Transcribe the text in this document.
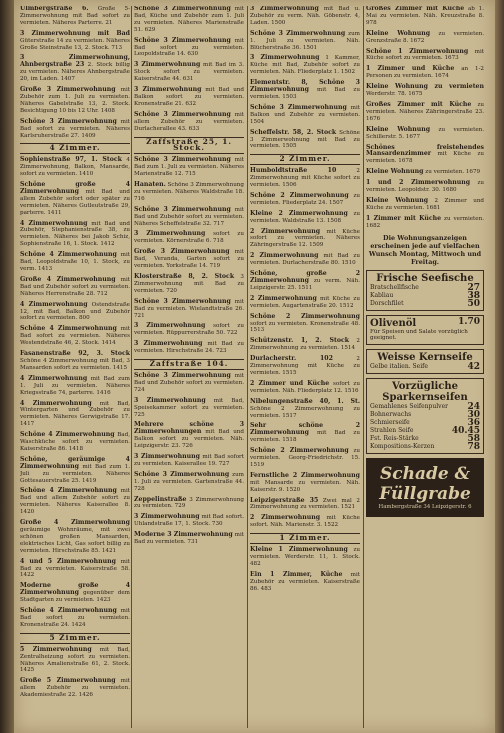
Ulmbergstraße 6. Große 5-Zimmerwohnung mit Bad sofort zu vermieten. Näheres Parterre. 21
3 Zimmerwohnung mit Bad Güterstraße 14 zu vermieten. Näheres Große Steinstraße 13, 2. Stock. 713
3 Zimmerwohnung, Ahnbergstraße 23 2. Stock billig zu vermieten. Näheres Ahnbergstraße 20, im Laden. 1407
Große 3 Zimmerwohnung mit Zubehör zum 1. Juli zu vermieten. Näheres Gabelstraße 13, 2. Stock. Besichtigung 10 bis 12 Uhr. 1408
Schöne 3 Zimmerwohnung mit Bad sofort zu vermieten. Näheres Karlsruherstraße 27. 1409
4 Zimmer.
Sophienstraße 97, 1. Stock 4 Zimmerwohnung, Balkon, Mansarde, sofort zu vermieten. 1410
Schöne große 4 Zimmerwohnung mit Bad und allem Zubehör sofort oder später zu vermieten. Näheres Gutleutstraße 29, parterre. 1411
4 Zimmerwohnung mit Bad und Zubehör, Stephanienstraße 38, zu vermieten. Näheres bei Jakob Schiz, Sophienstraße 16, 1. Stock. 1412
Schöne 4 Zimmerwohnung mit Bad, Leopoldstraße 10, 1. Stock, zu verm. 1413
Große 4 Zimmerwohnung mit Bad und Zubehör sofort zu vermieten. Näheres Herrenstraße 28. 712
4 Zimmerwohnung Ostendstraße 12, mit Bad, Balkon und Zubehör sofort zu vermieten. 800
Schöne 4 Zimmerwohnung mit Bad sofort zu vermieten. Näheres Westendstraße 46, 2. Stock. 1414
Fasanenstraße 92, 3. Stock Schöne 4 Zimmerwohnung mit Bad, 3 Mansarden sofort zu vermieten. 1415
4 Zimmerwohnung mit Bad zum 1. Juli zu vermieten. Näheres Kriegsstraße 74, parterre. 1416
4 Zimmerwohnung mit Bad, Wintergarten und Zubehör zu vermieten. Näheres Gerwigstraße 17. 1417
Schöne 4 Zimmerwohnung Bad, Waschküche sofort zu vermieten. Kaiserstraße 86. 1418
Schöne, geräumige 4 Zimmerwohnung mit Bad zum 1. Juli zu vermieten. Näheres Gottesauerstraße 25. 1419
Schöne 4 Zimmerwohnung mit Bad und allem Zubehör sofort zu vermieten. Näheres Kaiserallee 8. 1420
Große 4 Zimmerwohnung geräumige Wohnräume, mit zwei schönen großen Mansarden, elektrisches Licht, Gas sofort billig zu vermieten. Hirschstraße 85. 1421
4 und 5 Zimmerwohnung mit Bad zu vermieten. Kaiserstraße 58. 1422
Moderne große 4 Zimmerwohnung gegenüber dem Stadtgarten zu vermieten. 1423
Schöne 4 Zimmerwohnung mit Bad sofort zu vermieten. Kronenstraße 24. 1424
5 Zimmer.
5 Zimmerwohnung mit Bad, Zentralheizung sofort zu vermieten. Näheres Amalienstraße 61, 2. Stock. 1425
Große 5 Zimmerwohnung mit allem Zubehör zu vermieten. Akademiestraße 22. 1426
Schöne 3 Zimmerwohnung mit Bad, Küche und Zubehör zum 1. Juli zu vermieten. Näheres Marienstraße 51. 629
Schöne 3 Zimmerwohnung mit Bad sofort zu vermieten. Leopoldstraße 14. 630
3 Zimmerwohnung mit Bad im 3. Stock sofort zu vermieten. Kaiserstraße 44. 631
3 Zimmerwohnung mit Bad und Balkon sofort zu vermieten. Kronenstraße 21. 632
Schöne 3 Zimmerwohnung mit allem Zubehör zu vermieten. Durlacherallee 43. 633
Zaffstraße 25, 1. Stock.
Schöne 3 Zimmerwohnung mit Bad zum 1. Juli zu vermieten. Näheres Marienstraße 12. 715
Hanaten. Schöne 3 Zimmerwohnung zu vermieten. Näheres Waldstraße 18. 716
Schöne 3 Zimmerwohnung mit Bad und Zubehör sofort zu vermieten. Näheres Scheffelstraße 32. 717
3 Zimmerwohnung sofort zu vermieten. Körnerstraße 6. 718
Große 3 Zimmerwohnung mit Bad, Veranda, Garten sofort zu vermieten. Yorkstraße 14. 719
Klosterstraße 8, 2. Stock 3 Zimmerwohnung mit Bad zu vermieten. 720
Schöne 3 Zimmerwohnung mit Bad zu vermieten. Wielandtstraße 26. 721
3 Zimmerwohnung sofort zu vermieten. Rüppurrerstraße 50. 722
3 Zimmerwohnung mit Bad zu vermieten. Hirschstraße 24. 723
Zaffstraße 104.
Schöne 3 Zimmerwohnung mit Bad und Zubehör sofort zu vermieten. 724
3 Zimmerwohnung mit Bad, Speisekammer sofort zu vermieten. 725
Mehrere schöne 3 Zimmerwohnungen mit Bad und Balkon sofort zu vermieten. Näh. Leipzigerstr. 23. 726
3 Zimmerwohnung mit Bad sofort zu vermieten. Kaiserallee 19. 727
Schöne 3 Zimmerwohnung zum 1. Juli zu vermieten. Gartenstraße 44. 728
Zeppelinstraße 3 Zimmerwohnung zu vermieten. 729
3 Zimmerwohnung mit Bad sofort. Uhlandstraße 17, 1. Stock. 730
Moderne 3 Zimmerwohnung mit Bad zu vermieten. 731
3 Zimmerwohnung mit Bad u. Zubehör zu verm. Näh. Göbenstr. 4, Laden. 1500
Schöne 3 Zimmerwohnung zum 1. Juli zu vermieten. Näh. Blücherstraße 36. 1501
3 Zimmerwohnung 1 Kammer, Küche mit Bad, Zubehör sofort zu vermieten. Näh. Fliederplatz 1. 1502
Elementstr. 8, Schöne 3 Zimmerwohnung mit Bad zu vermieten. 1503
Schöne 3 Zimmerwohnung mit Balkon und Zubehör zu vermieten. 1504
Scheffelstr. 58, 2. Stock Schöne 3 Zimmerwohnung mit Bad zu vermieten. 1505
2 Zimmer.
Humboldtstraße 10 2 Zimmerwohnung mit Küche sofort zu vermieten. 1506
Schöne 2 Zimmerwohnung zu vermieten. Fliederplatz 24. 1507
Kleine 2 Zimmerwohnung zu vermieten. Waldstraße 13. 1508
2 Zimmerwohnung mit Küche sofort zu vermieten. Näheres Zähringerstraße 12. 1509
2 Zimmerwohnung mit Bad zu vermieten. Durlacherstraße 80. 1510
Schöne, große 2 Zimmerwohnung zu verm. Näh. Leipzigerstr. 25. 1511
2 Zimmerwohnung mit Küche zu vermieten. Augartenstraße 20. 1512
Schöne 2 Zimmerwohnung sofort zu vermieten. Kronenstraße 48. 1513
Schützenstr. 1, 2. Stock 2 Zimmerwohnung zu vermieten. 1514
Durlacherstr. 102 2 Zimmerwohnung mit Küche zu vermieten. 1515
2 Zimmer und Küche sofort zu vermieten. Näh. Fliederplatz 12. 1516
Nibelungenstraße 40, 1. St. Schöne 2 Zimmerwohnung zu vermieten. 1517
Sehr schöne 2 Zimmerwohnung mit Bad zu vermieten. 1518
Schöne 2 Zimmerwohnung zu vermieten. Georg-Friedrichstr. 15. 1519
Fernstliche 2 Zimmerwohnung mit Mansarde zu vermieten. Näh. Kaiserstr. 9. 1520
Leipzigerstraße 35 Zwei mal 2 Zimmerwohnung zu vermieten. 1521
2 Zimmerwohnung mit Küche sofort. Näh. Marienstr. 3. 1522
1 Zimmer.
Kleine 1 Zimmerwohnung zu vermieten. Werderstr. 11, 1. Stock. 482
Ein 1 Zimmer, Küche mit Zubehör zu vermieten. Kaiserstraße 86. 483
Großes Zimmer mit Küche ab 1. Mai zu vermieten. Näh. Kreuzstraße 8. 978
Kleine Wohnung zu vermieten. Grenzstraße 8. 1672
Schöne 1 Zimmerwohnung mit Küche sofort zu vermieten. 1673
1 Zimmer und Küche an 1-2 Personen zu vermieten. 1674
Kleine Wohnung zu vermieten Werderstr. 78. 1675
Großes Zimmer mit Küche zu vermieten. Näheres Zähringerstraße 23. 1676
Kleine Wohnung zu vermieten. Schillerstr. 5. 1677
Schönes freistehendes Mansardenzimmer mit Küche zu vermieten. 1678
Kleine Wohnung zu vermieten. 1679
1 und 2 Zimmerwohnung zu vermieten. Leopoldstr. 30. 1680
Kleine Wohnung 2 Zimmer und Küche zu vermieten. 1681
1 Zimmer mit Küche zu vermieten. 1682
Die Wohnungsanzeigen erscheinen jede auf vielfachen Wunsch Montag, Mittwoch und Freitag.
Frische Seefische
Bratschellfische	27
Kabliau	38
Dorschfilet	50
Olivenöl	1.70
Für Speisen und Salate vorzüglich geeignet.
Weisse Kernseife
Gelbe italien. Seife	42
Vorzügliche Sparkernseifen
Gemahlenes Seifenpulver 24
Bohnerwachs	30
Schmierseife	36
Strahlen Seife	40.45
Fst. Reis-Stärke	58
Kompositions-Kerzen	78
Schade & Füllgrabe
Hambergstraße 34 Leipzigerstr. 6
